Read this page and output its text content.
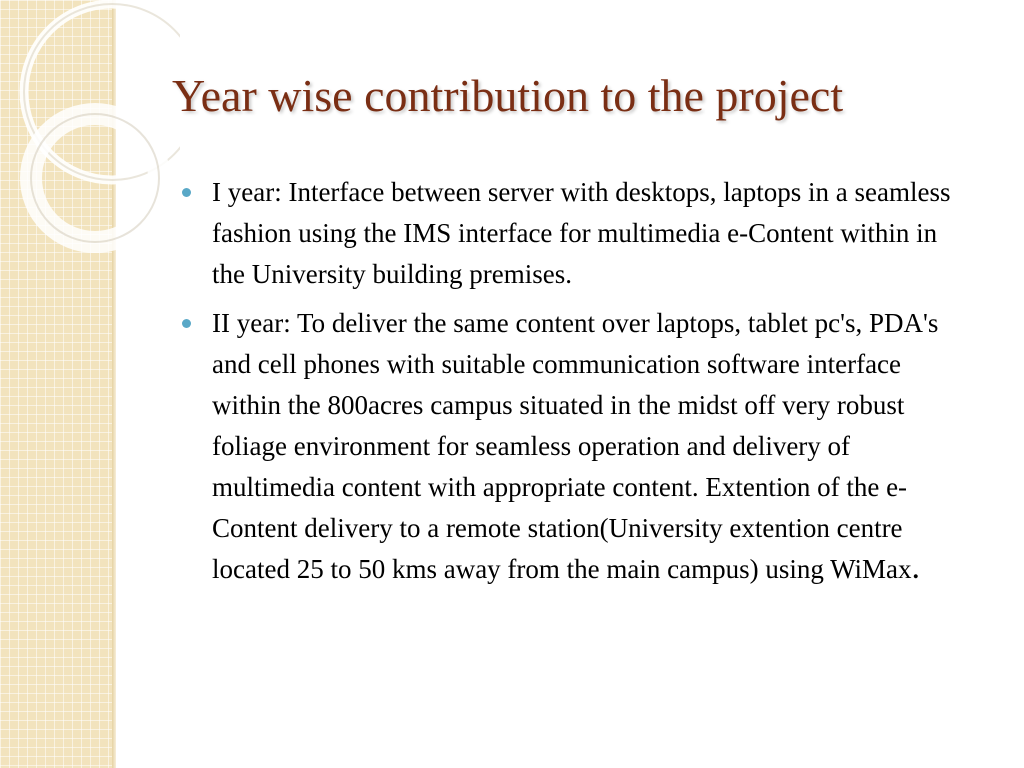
Year wise contribution to the project
I year: Interface between server with desktops, laptops in a seamless fashion using the IMS interface for multimedia e-Content within in the University building premises.
II year: To deliver the same content over laptops, tablet pc's, PDA's and cell phones with suitable communication software interface within the 800acres campus situated in the midst off very robust foliage environment for seamless operation and delivery of multimedia content with appropriate content. Extention of the e-Content delivery to a remote station(University extention centre located 25 to 50 kms away from the main campus) using WiMax.
